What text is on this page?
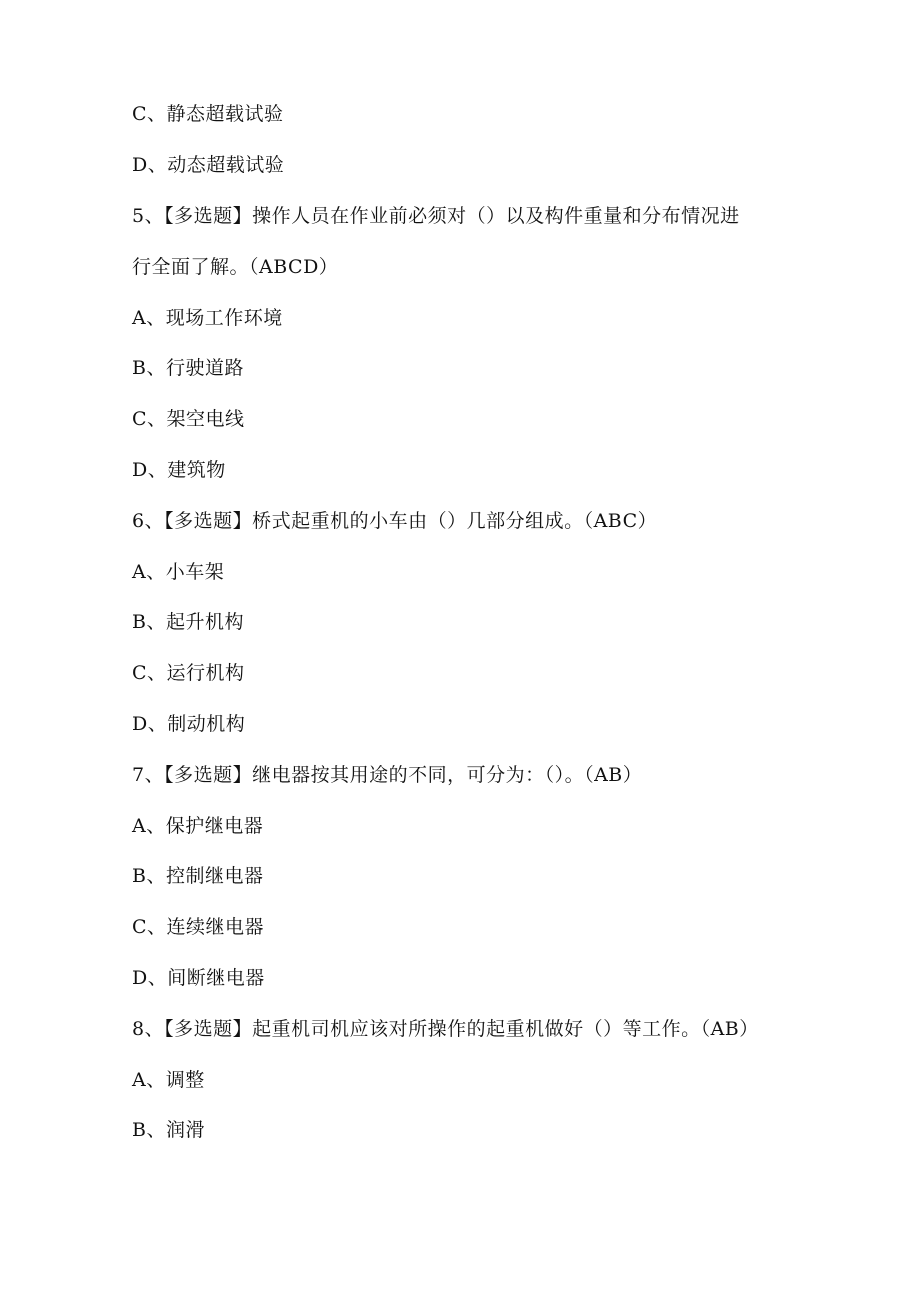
C、静态超载试验
D、动态超载试验
5、【多选题】操作人员在作业前必须对（）以及构件重量和分布情况进
行全面了解。（ABCD）
A、现场工作环境
B、行驶道路
C、架空电线
D、建筑物
6、【多选题】桥式起重机的小车由（）几部分组成。（ABC）
A、小车架
B、起升机构
C、运行机构
D、制动机构
7、【多选题】继电器按其用途的不同，可分为：（）。（AB）
A、保护继电器
B、控制继电器
C、连续继电器
D、间断继电器
8、【多选题】起重机司机应该对所操作的起重机做好（）等工作。（AB）
A、调整
B、润滑
